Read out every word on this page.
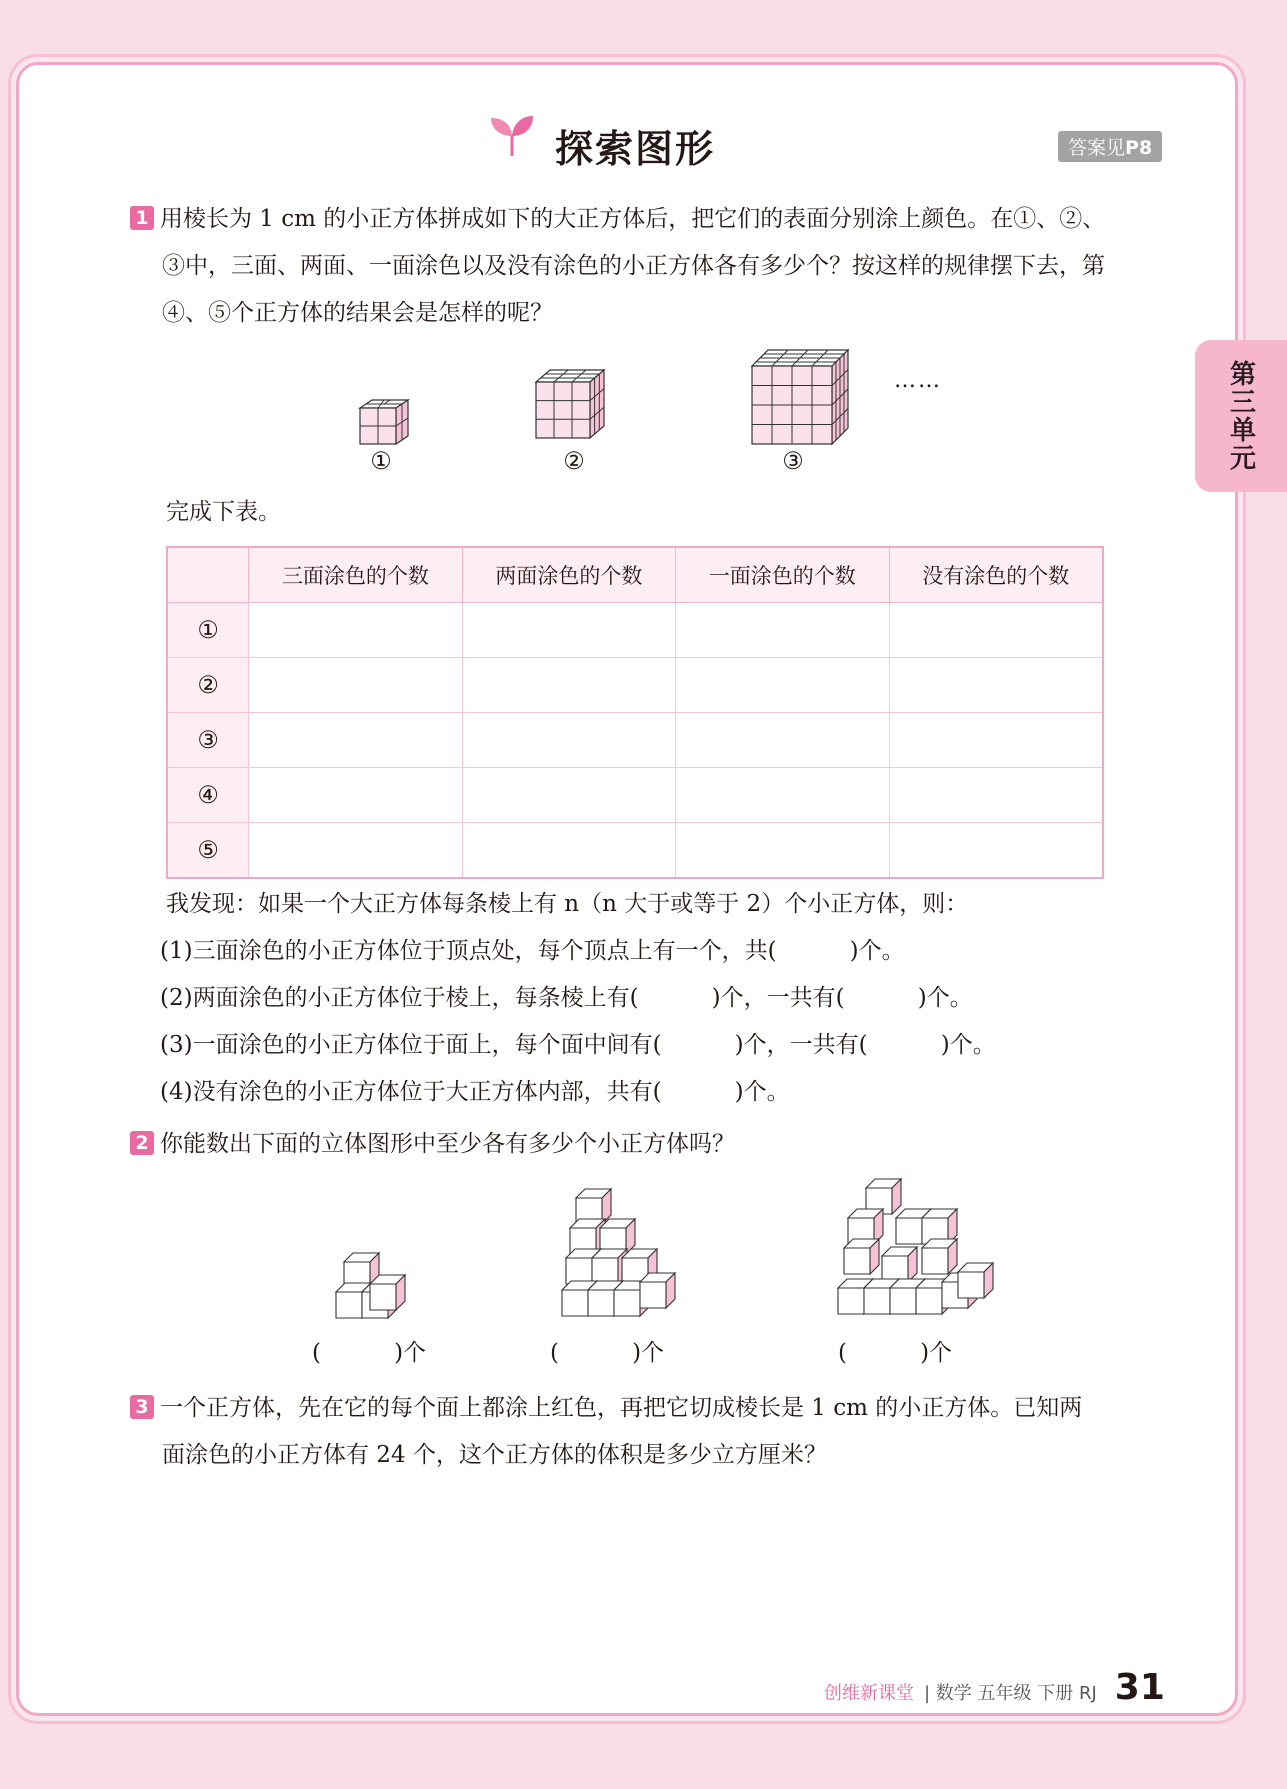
第三单元
探索图形	答案见P8
1 用棱长为 1 cm 的小正方体拼成如下的大正方体后，把它们的表面分别涂上颜色。在①、②、
③中，三面、两面、一面涂色以及没有涂色的小正方体各有多少个？按这样的规律摆下去，第
④、⑤个正方体的结果会是怎样的呢？
①	②	③
……
完成下表。
	三面涂色的个数	两面涂色的个数	一面涂色的个数	没有涂色的个数
①				
②				
③				
④				
⑤				
我发现：如果一个大正方体每条棱上有 n（n 大于或等于 2）个小正方体，则：
(1)三面涂色的小正方体位于顶点处，每个顶点上有一个，共(          )个。
(2)两面涂色的小正方体位于棱上，每条棱上有(          )个，一共有(          )个。
(3)一面涂色的小正方体位于面上，每个面中间有(          )个，一共有(          )个。
(4)没有涂色的小正方体位于大正方体内部，共有(          )个。
2 你能数出下面的立体图形中至少各有多少个小正方体吗？
(          )个	(          )个	(          )个
3 一个正方体，先在它的每个面上都涂上红色，再把它切成棱长是 1 cm 的小正方体。已知两
面涂色的小正方体有 24 个，这个正方体的体积是多少立方厘米？
创维新课堂 | 数学 五年级 下册 RJ 31
